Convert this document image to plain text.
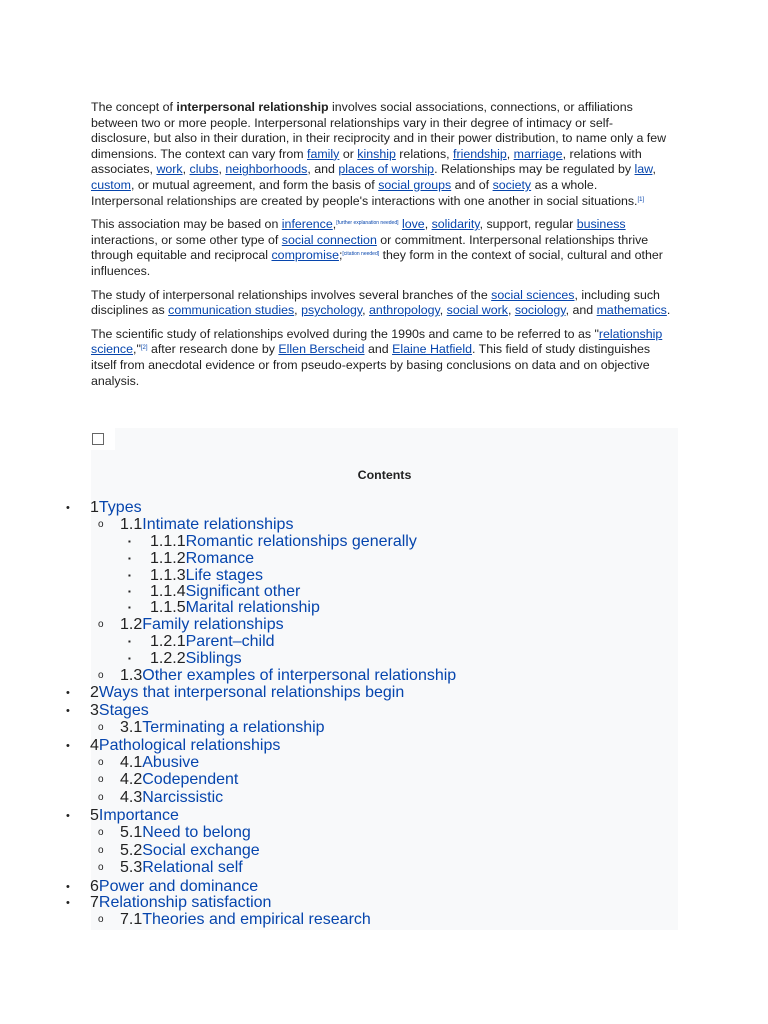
The concept of interpersonal relationship involves social associations, connections, or affiliations between two or more people. Interpersonal relationships vary in their degree of intimacy or self-disclosure, but also in their duration, in their reciprocity and in their power distribution, to name only a few dimensions. The context can vary from family or kinship relations, friendship, marriage, relations with associates, work, clubs, neighborhoods, and places of worship. Relationships may be regulated by law, custom, or mutual agreement, and form the basis of social groups and of society as a whole. Interpersonal relationships are created by people's interactions with one another in social situations.[1]

This association may be based on inference,[further explanation needed] love, solidarity, support, regular business interactions, or some other type of social connection or commitment. Interpersonal relationships thrive through equitable and reciprocal compromise;[citation needed] they form in the context of social, cultural and other influences.

The study of interpersonal relationships involves several branches of the social sciences, including such disciplines as communication studies, psychology, anthropology, social work, sociology, and mathematics.

The scientific study of relationships evolved during the 1990s and came to be referred to as "relationship science,"[2] after research done by Ellen Berscheid and Elaine Hatfield. This field of study distinguishes itself from anecdotal evidence or from pseudo-experts by basing conclusions on data and on objective analysis.

Contents
• 1Types
o 1.1Intimate relationships
▪ 1.1.1Romantic relationships generally
▪ 1.1.2Romance
▪ 1.1.3Life stages
▪ 1.1.4Significant other
▪ 1.1.5Marital relationship
o 1.2Family relationships
▪ 1.2.1Parent–child
▪ 1.2.2Siblings
o 1.3Other examples of interpersonal relationship
• 2Ways that interpersonal relationships begin
• 3Stages
o 3.1Terminating a relationship
• 4Pathological relationships
o 4.1Abusive
o 4.2Codependent
o 4.3Narcissistic
• 5Importance
o 5.1Need to belong
o 5.2Social exchange
o 5.3Relational self
• 6Power and dominance
• 7Relationship satisfaction
o 7.1Theories and empirical research
